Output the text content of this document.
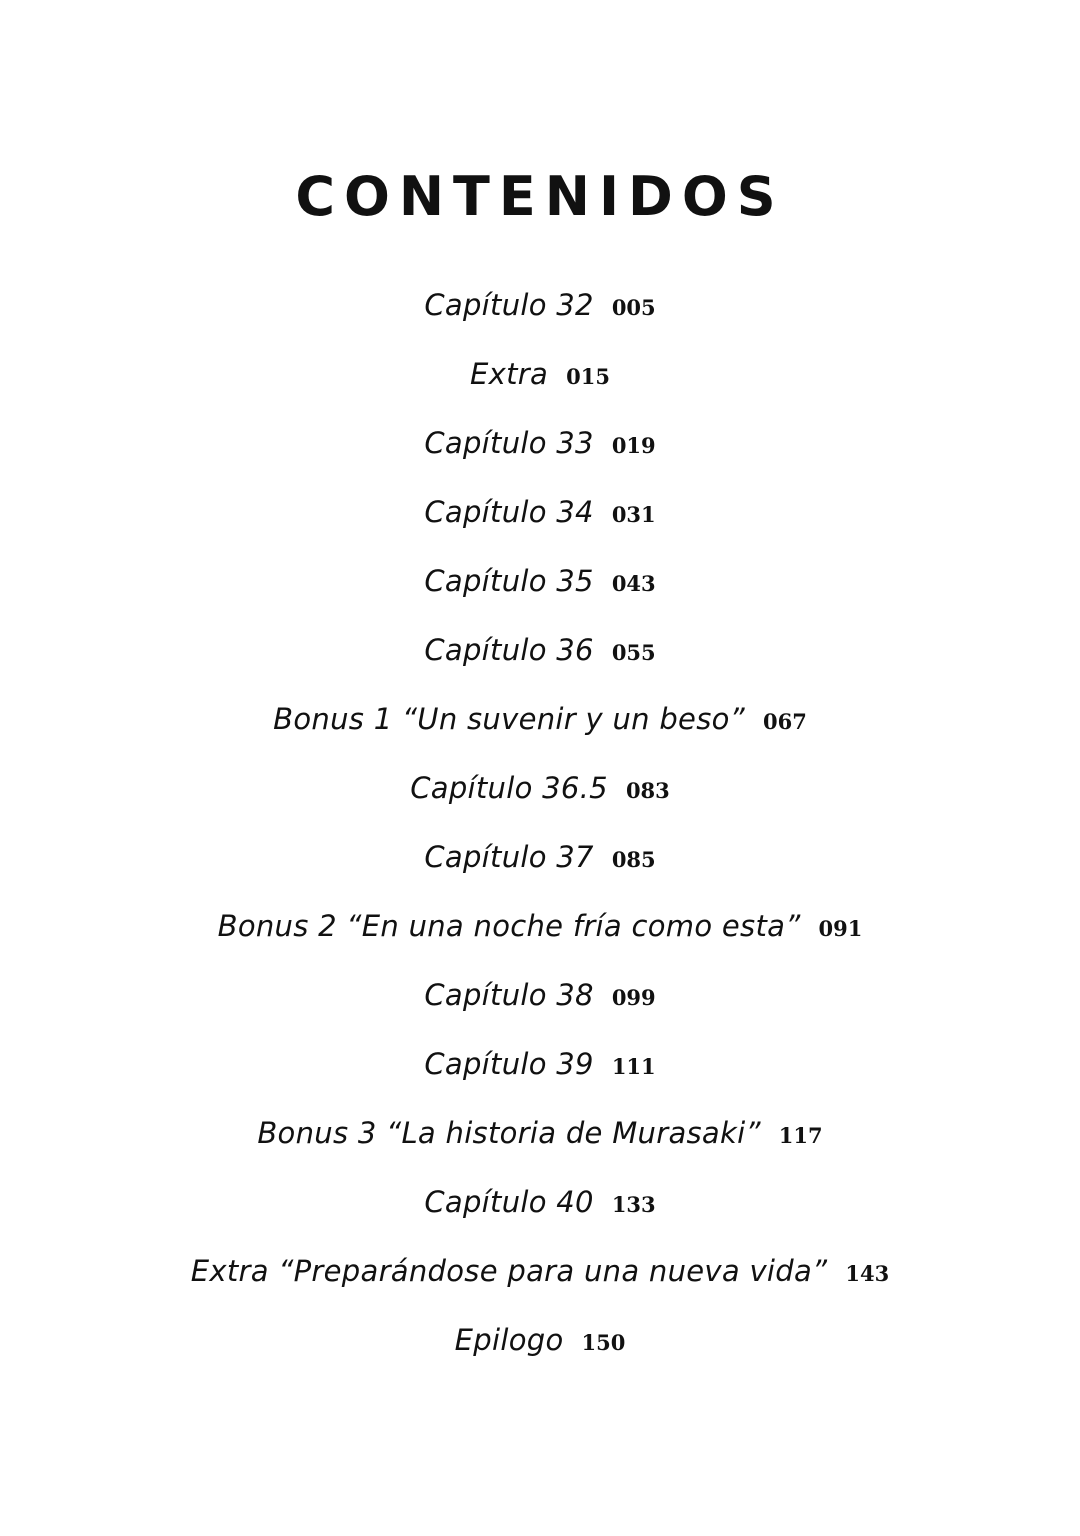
CONTENIDOS
Capítulo 32 005
Extra 015
Capítulo 33 019
Capítulo 34 031
Capítulo 35 043
Capítulo 36 055
Bonus 1 “Un suvenir y un beso” 067
Capítulo 36.5 083
Capítulo 37 085
Bonus 2 “En una noche fría como esta” 091
Capítulo 38 099
Capítulo 39 111
Bonus 3 “La historia de Murasaki” 117
Capítulo 40 133
Extra “Preparándose para una nueva vida” 143
Epilogo 150
